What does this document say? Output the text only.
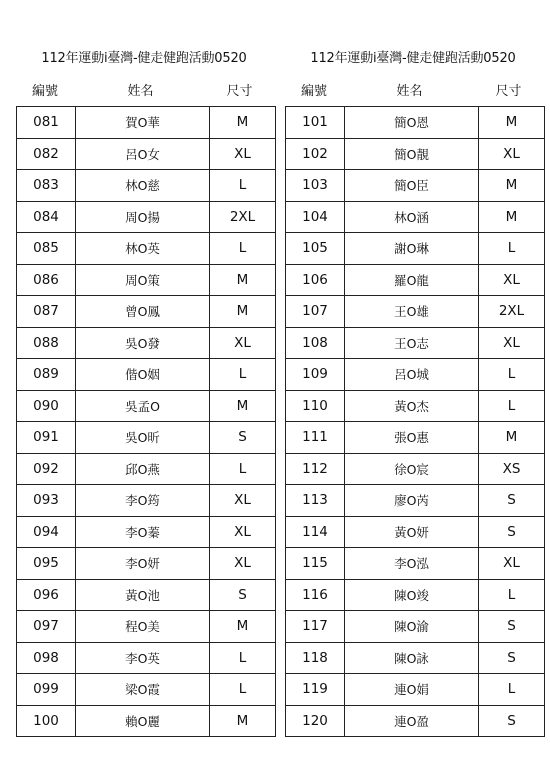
112年運動i臺灣-健走健跑活動0520
編號	姓名	尺寸
081	賀O華	M
082	呂O女	XL
083	林O慈	L
084	周O揚	2XL
085	林O英	L
086	周O策	M
087	曾O鳳	M
088	吳O發	XL
089	偕O姻	L
090	吳孟O	M
091	吳O昕	S
092	邱O燕	L
093	李O筠	XL
094	李O蓁	XL
095	李O妍	XL
096	黃O池	S
097	程O美	M
098	李O英	L
099	梁O霞	L
100	賴O麗	M
112年運動i臺灣-健走健跑活動0520
編號	姓名	尺寸
101	簡O恩	M
102	簡O靚	XL
103	簡O臣	M
104	林O涵	M
105	謝O琳	L
106	羅O龍	XL
107	王O雄	2XL
108	王O志	XL
109	呂O城	L
110	黃O杰	L
111	張O惠	M
112	徐O宸	XS
113	廖O芮	S
114	黃O妍	S
115	李O泓	XL
116	陳O竣	L
117	陳O渝	S
118	陳O詠	S
119	連O娟	L
120	連O盈	S
